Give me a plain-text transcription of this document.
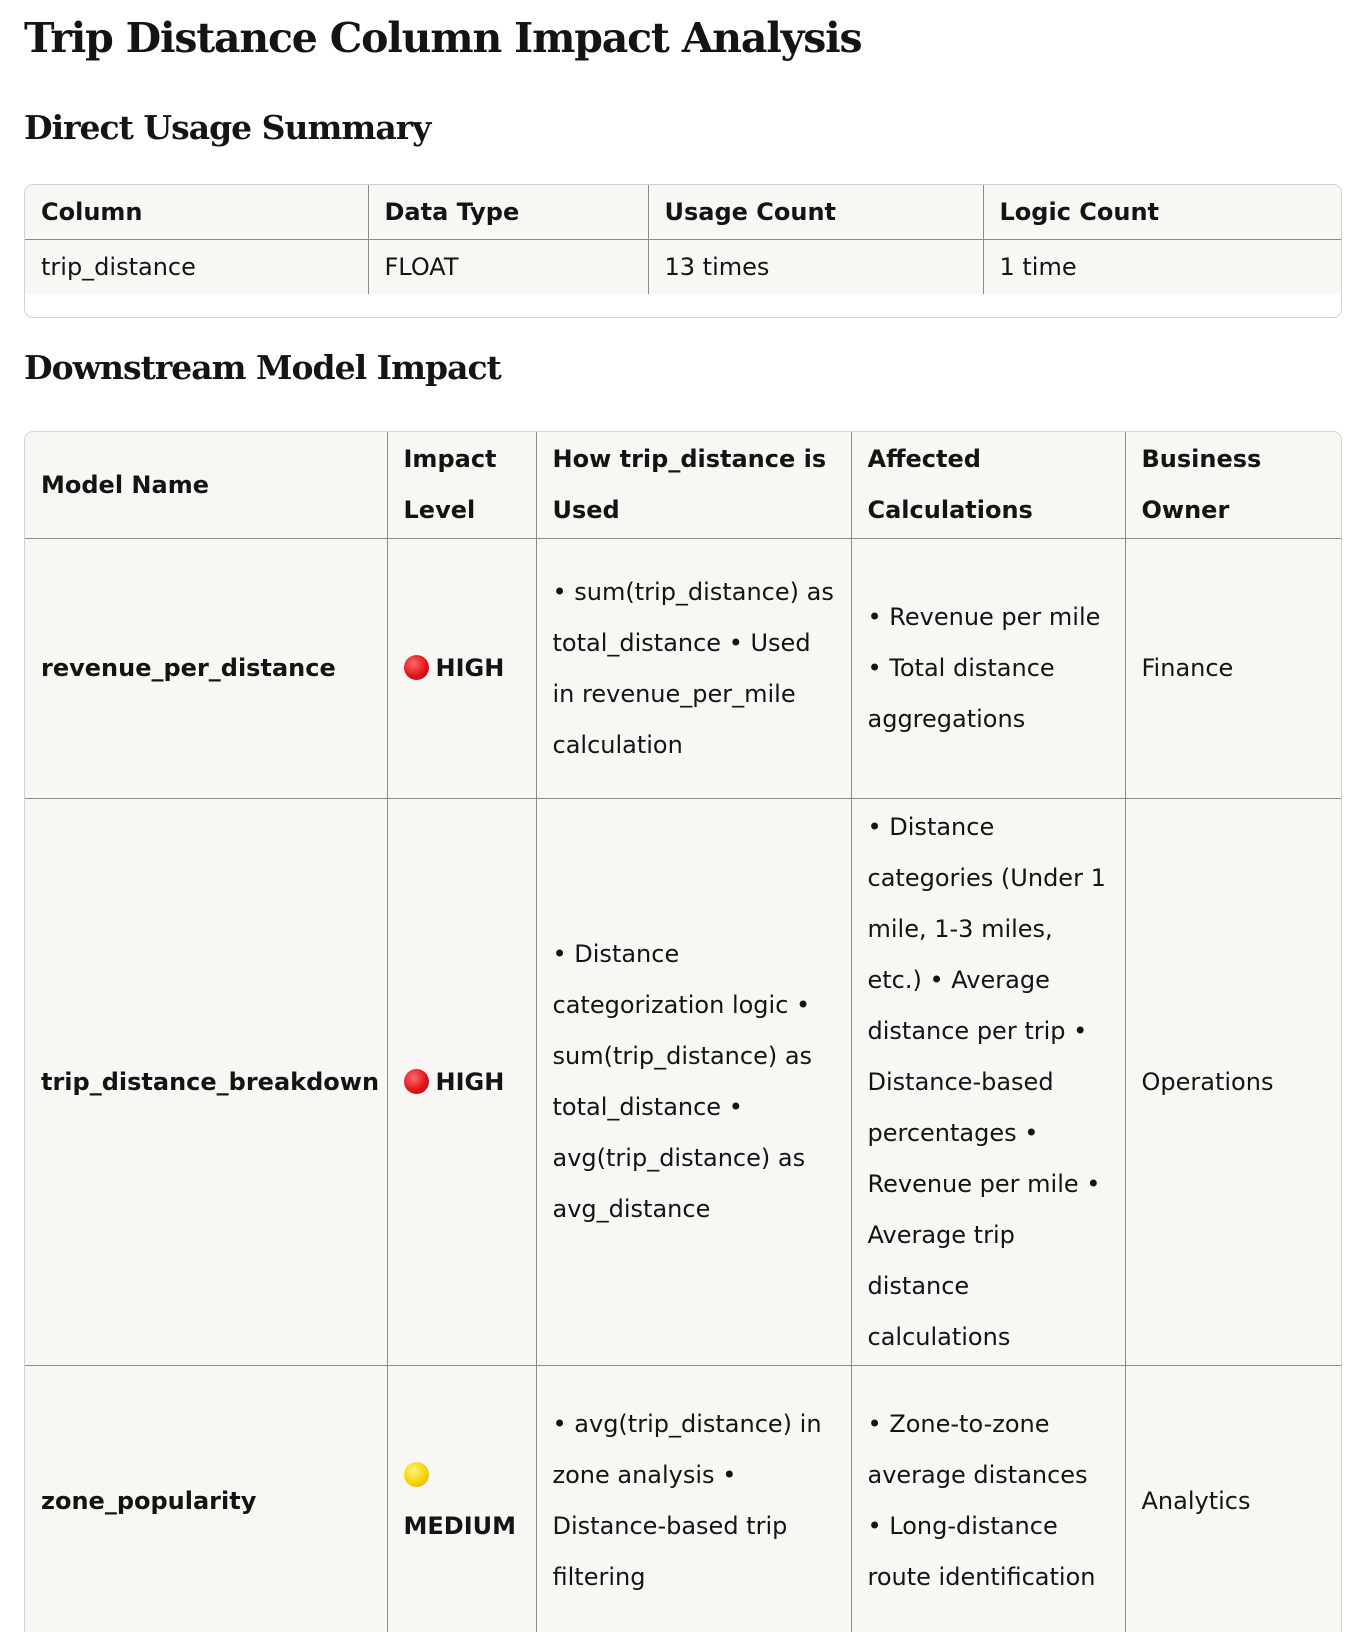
Trip Distance Column Impact Analysis
Direct Usage Summary
Column	Data Type	Usage Count	Logic Count
trip_distance	FLOAT	13 times	1 time
Downstream Model Impact
Model Name	Impact Level	How trip_distance is Used	Affected Calculations	Business Owner
revenue_per_distance	HIGH	• sum(trip_distance) as total_distance • Used in revenue_per_mile calculation	• Revenue per mile • Total distance aggregations	Finance
trip_distance_breakdown	HIGH	• Distance categorization logic • sum(trip_distance) as total_distance • avg(trip_distance) as avg_distance	• Distance categories (Under 1 mile, 1-3 miles, etc.) • Average distance per trip • Distance-based percentages • Revenue per mile • Average trip distance calculations	Operations
zone_popularity	MEDIUM	• avg(trip_distance) in zone analysis • Distance-based trip filtering	• Zone-to-zone average distances • Long-distance route identification	Analytics
